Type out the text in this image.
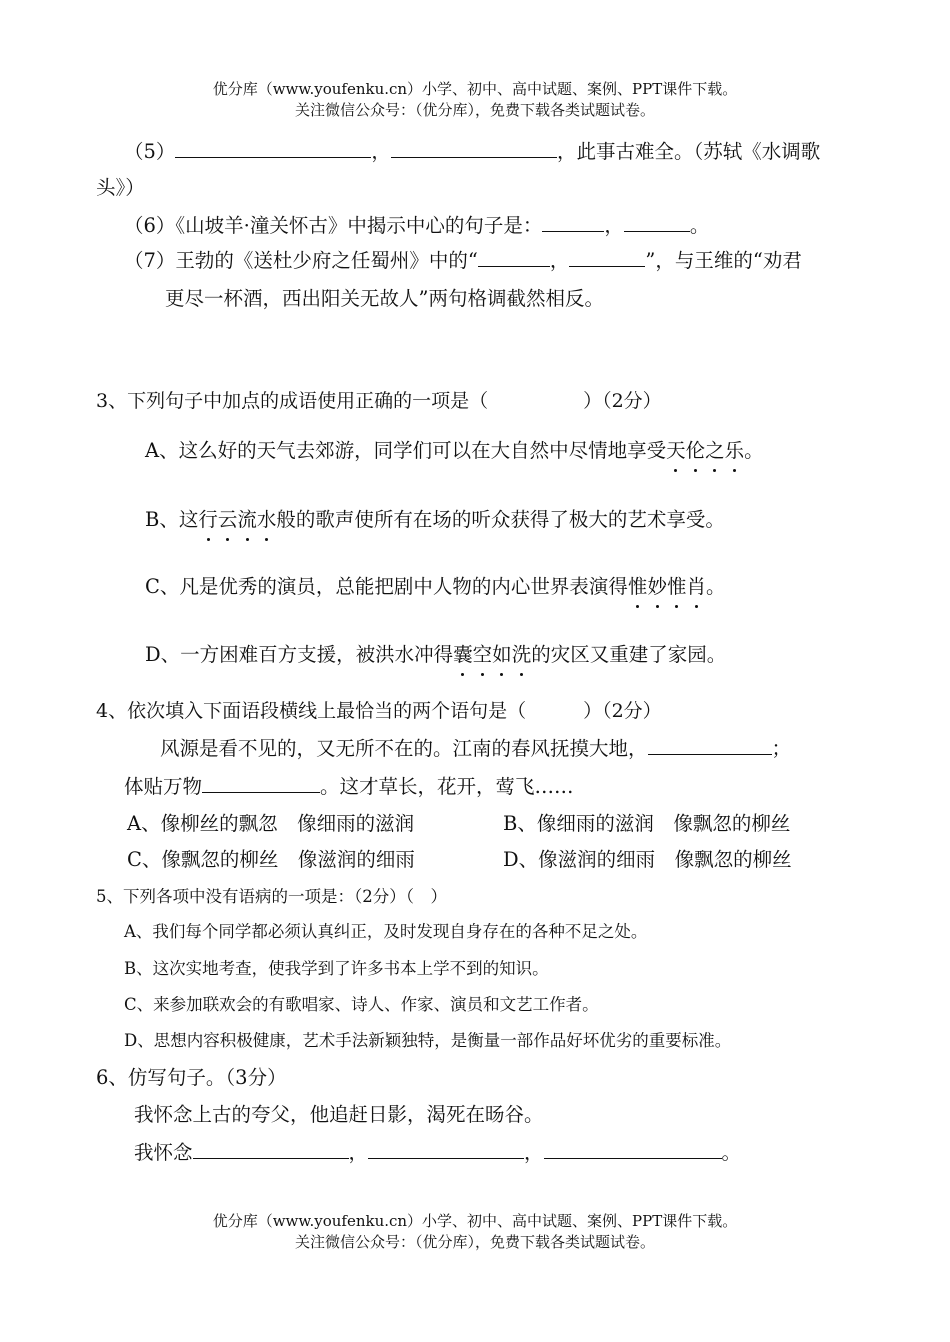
优分库（www.youfenku.cn）小学、初中、高中试题、案例、PPT课件下载。
关注微信公众号：（优分库），免费下载各类试题试卷。
（5）	，	，此事古难全。（苏轼《水调歌
头》）
（6）《山坡羊·潼关怀古》中揭示中心的句子是：	，	。
（7）王勃的《送杜少府之任蜀州》中的“	，	”，与王维的“劝君
更尽一杯酒，西出阳关无故人”两句格调截然相反。
3、下列句子中加点的成语使用正确的一项是（　　　　　）（2分）
A、这么好的天气去郊游，同学们可以在大自然中尽情地享受天伦之乐。
B、这行云流水般的歌声使所有在场的听众获得了极大的艺术享受。
C、凡是优秀的演员，总能把剧中人物的内心世界表演得惟妙惟肖。
D、一方困难百方支援，被洪水冲得囊空如洗的灾区又重建了家园。
4、依次填入下面语段横线上最恰当的两个语句是（　　　）（2分）
风源是看不见的，又无所不在的。江南的春风抚摸大地，	；
体贴万物	。这才草长，花开，莺飞……
A、像柳丝的飘忽　像细雨的滋润	B、像细雨的滋润　像飘忽的柳丝
C、像飘忽的柳丝　像滋润的细雨	D、像滋润的细雨　像飘忽的柳丝
5、下列各项中没有语病的一项是：（2分）（　）
A、我们每个同学都必须认真纠正，及时发现自身存在的各种不足之处。
B、这次实地考查，使我学到了许多书本上学不到的知识。
C、来参加联欢会的有歌唱家、诗人、作家、演员和文艺工作者。
D、思想内容积极健康，艺术手法新颖独特，是衡量一部作品好坏优劣的重要标准。
6、仿写句子。（3分）
我怀念上古的夸父，他追赶日影，渴死在旸谷。
我怀念	，	，	。
优分库（www.youfenku.cn）小学、初中、高中试题、案例、PPT课件下载。
关注微信公众号：（优分库），免费下载各类试题试卷。
